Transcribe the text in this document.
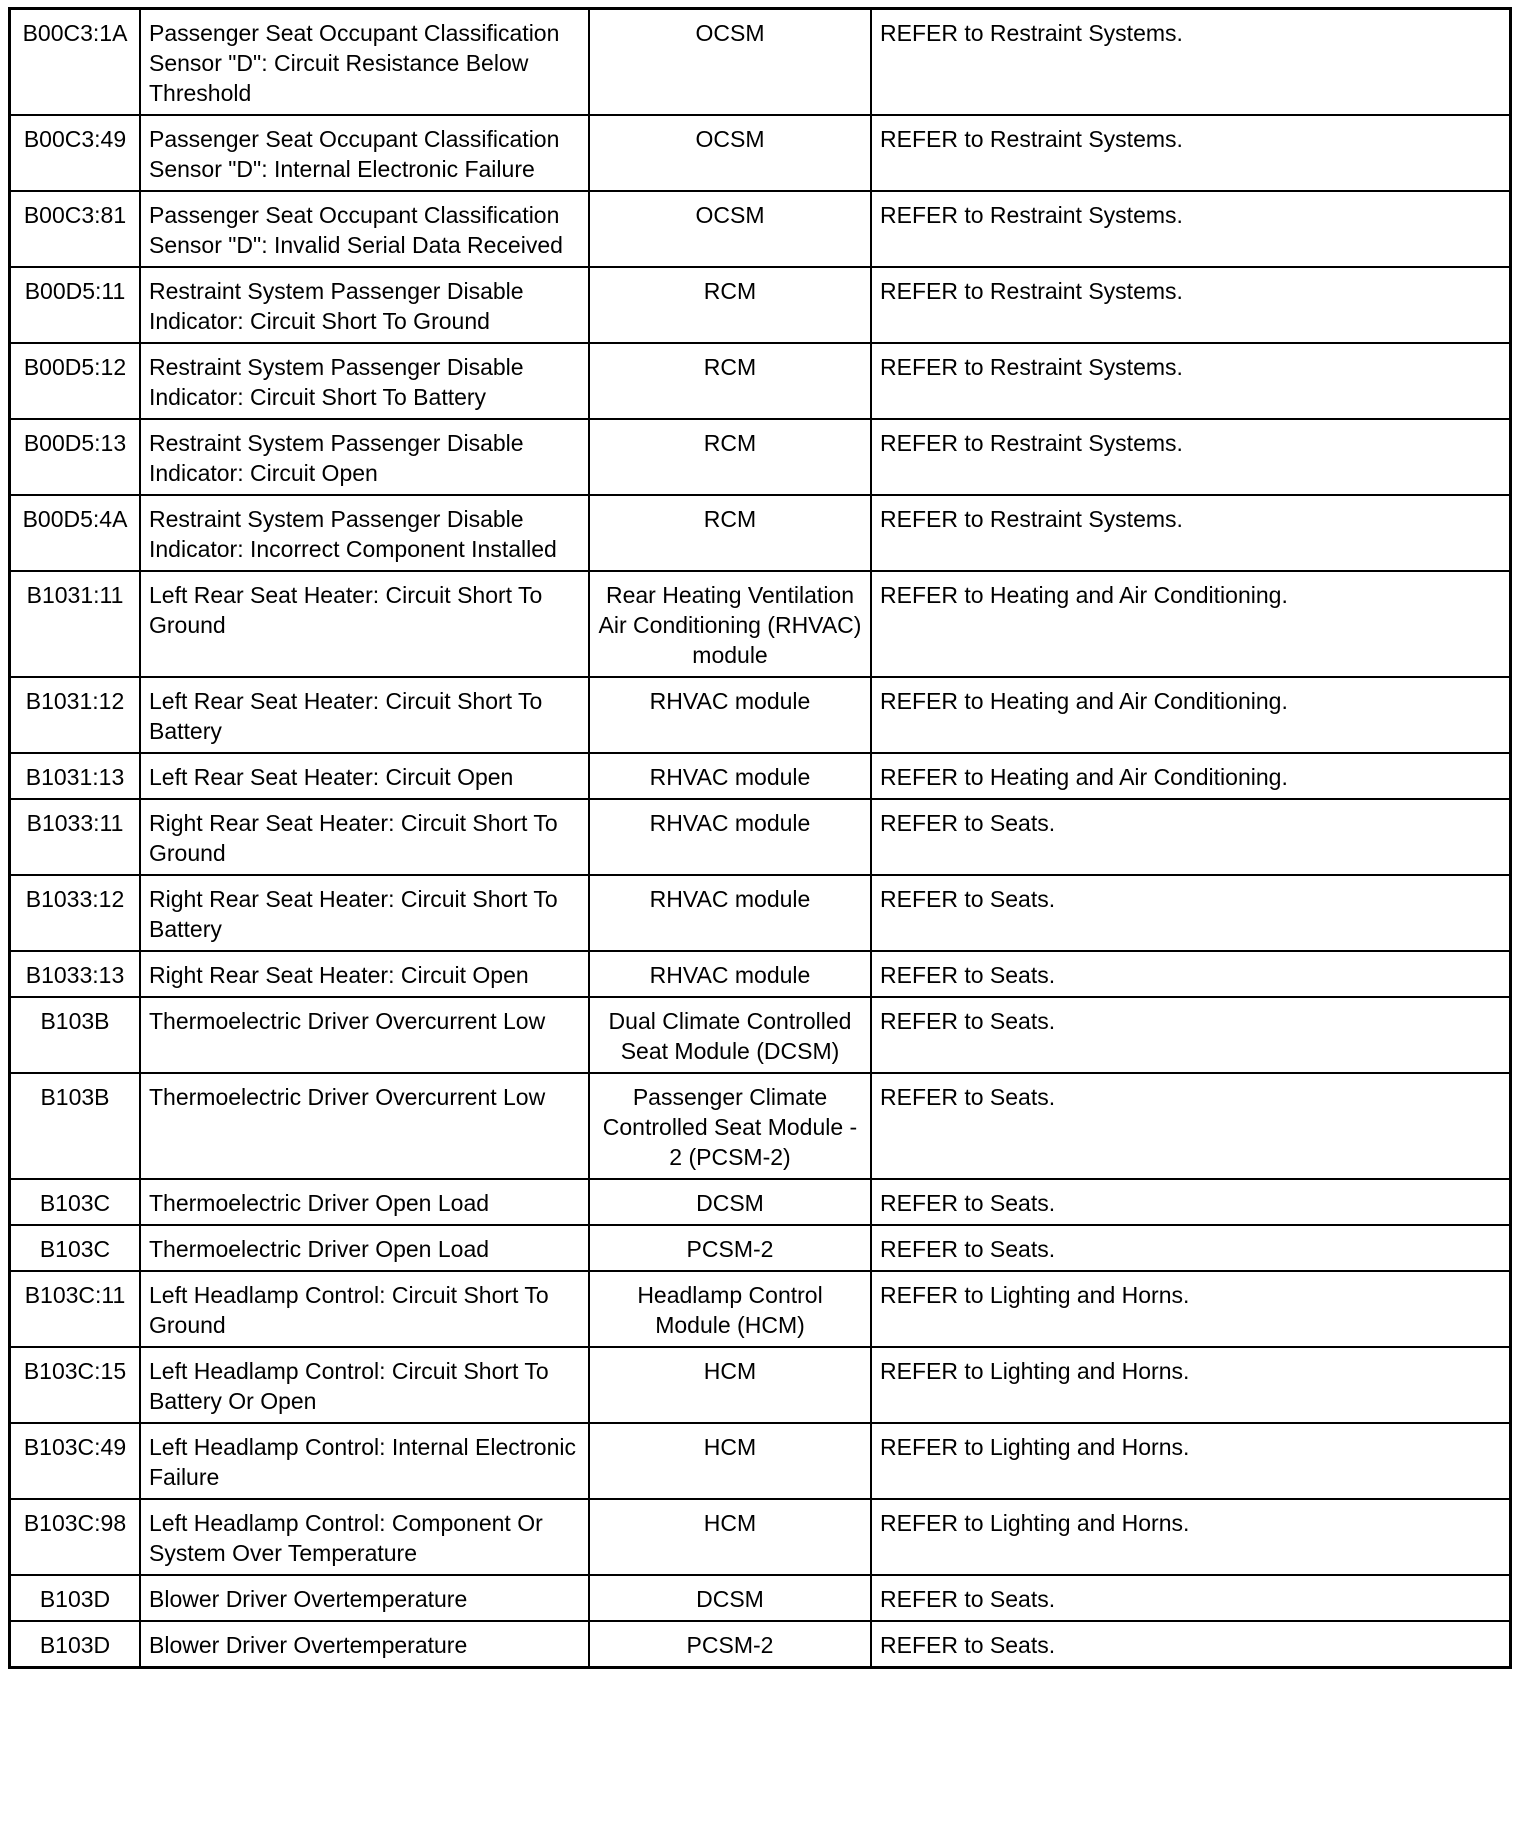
B00C3:1A	Passenger Seat Occupant Classification Sensor "D": Circuit Resistance Below Threshold	OCSM	REFER to Restraint Systems.
B00C3:49	Passenger Seat Occupant Classification Sensor "D": Internal Electronic Failure	OCSM	REFER to Restraint Systems.
B00C3:81	Passenger Seat Occupant Classification Sensor "D": Invalid Serial Data Received	OCSM	REFER to Restraint Systems.
B00D5:11	Restraint System Passenger Disable Indicator: Circuit Short To Ground	RCM	REFER to Restraint Systems.
B00D5:12	Restraint System Passenger Disable Indicator: Circuit Short To Battery	RCM	REFER to Restraint Systems.
B00D5:13	Restraint System Passenger Disable Indicator: Circuit Open	RCM	REFER to Restraint Systems.
B00D5:4A	Restraint System Passenger Disable Indicator: Incorrect Component Installed	RCM	REFER to Restraint Systems.
B1031:11	Left Rear Seat Heater: Circuit Short To Ground	Rear Heating Ventilation Air Conditioning (RHVAC) module	REFER to Heating and Air Conditioning.
B1031:12	Left Rear Seat Heater: Circuit Short To Battery	RHVAC module	REFER to Heating and Air Conditioning.
B1031:13	Left Rear Seat Heater: Circuit Open	RHVAC module	REFER to Heating and Air Conditioning.
B1033:11	Right Rear Seat Heater: Circuit Short To Ground	RHVAC module	REFER to Seats.
B1033:12	Right Rear Seat Heater: Circuit Short To Battery	RHVAC module	REFER to Seats.
B1033:13	Right Rear Seat Heater: Circuit Open	RHVAC module	REFER to Seats.
B103B	Thermoelectric Driver Overcurrent Low	Dual Climate Controlled Seat Module (DCSM)	REFER to Seats.
B103B	Thermoelectric Driver Overcurrent Low	Passenger Climate Controlled Seat Module - 2 (PCSM-2)	REFER to Seats.
B103C	Thermoelectric Driver Open Load	DCSM	REFER to Seats.
B103C	Thermoelectric Driver Open Load	PCSM-2	REFER to Seats.
B103C:11	Left Headlamp Control: Circuit Short To Ground	Headlamp Control Module (HCM)	REFER to Lighting and Horns.
B103C:15	Left Headlamp Control: Circuit Short To Battery Or Open	HCM	REFER to Lighting and Horns.
B103C:49	Left Headlamp Control: Internal Electronic Failure	HCM	REFER to Lighting and Horns.
B103C:98	Left Headlamp Control: Component Or System Over Temperature	HCM	REFER to Lighting and Horns.
B103D	Blower Driver Overtemperature	DCSM	REFER to Seats.
B103D	Blower Driver Overtemperature	PCSM-2	REFER to Seats.
